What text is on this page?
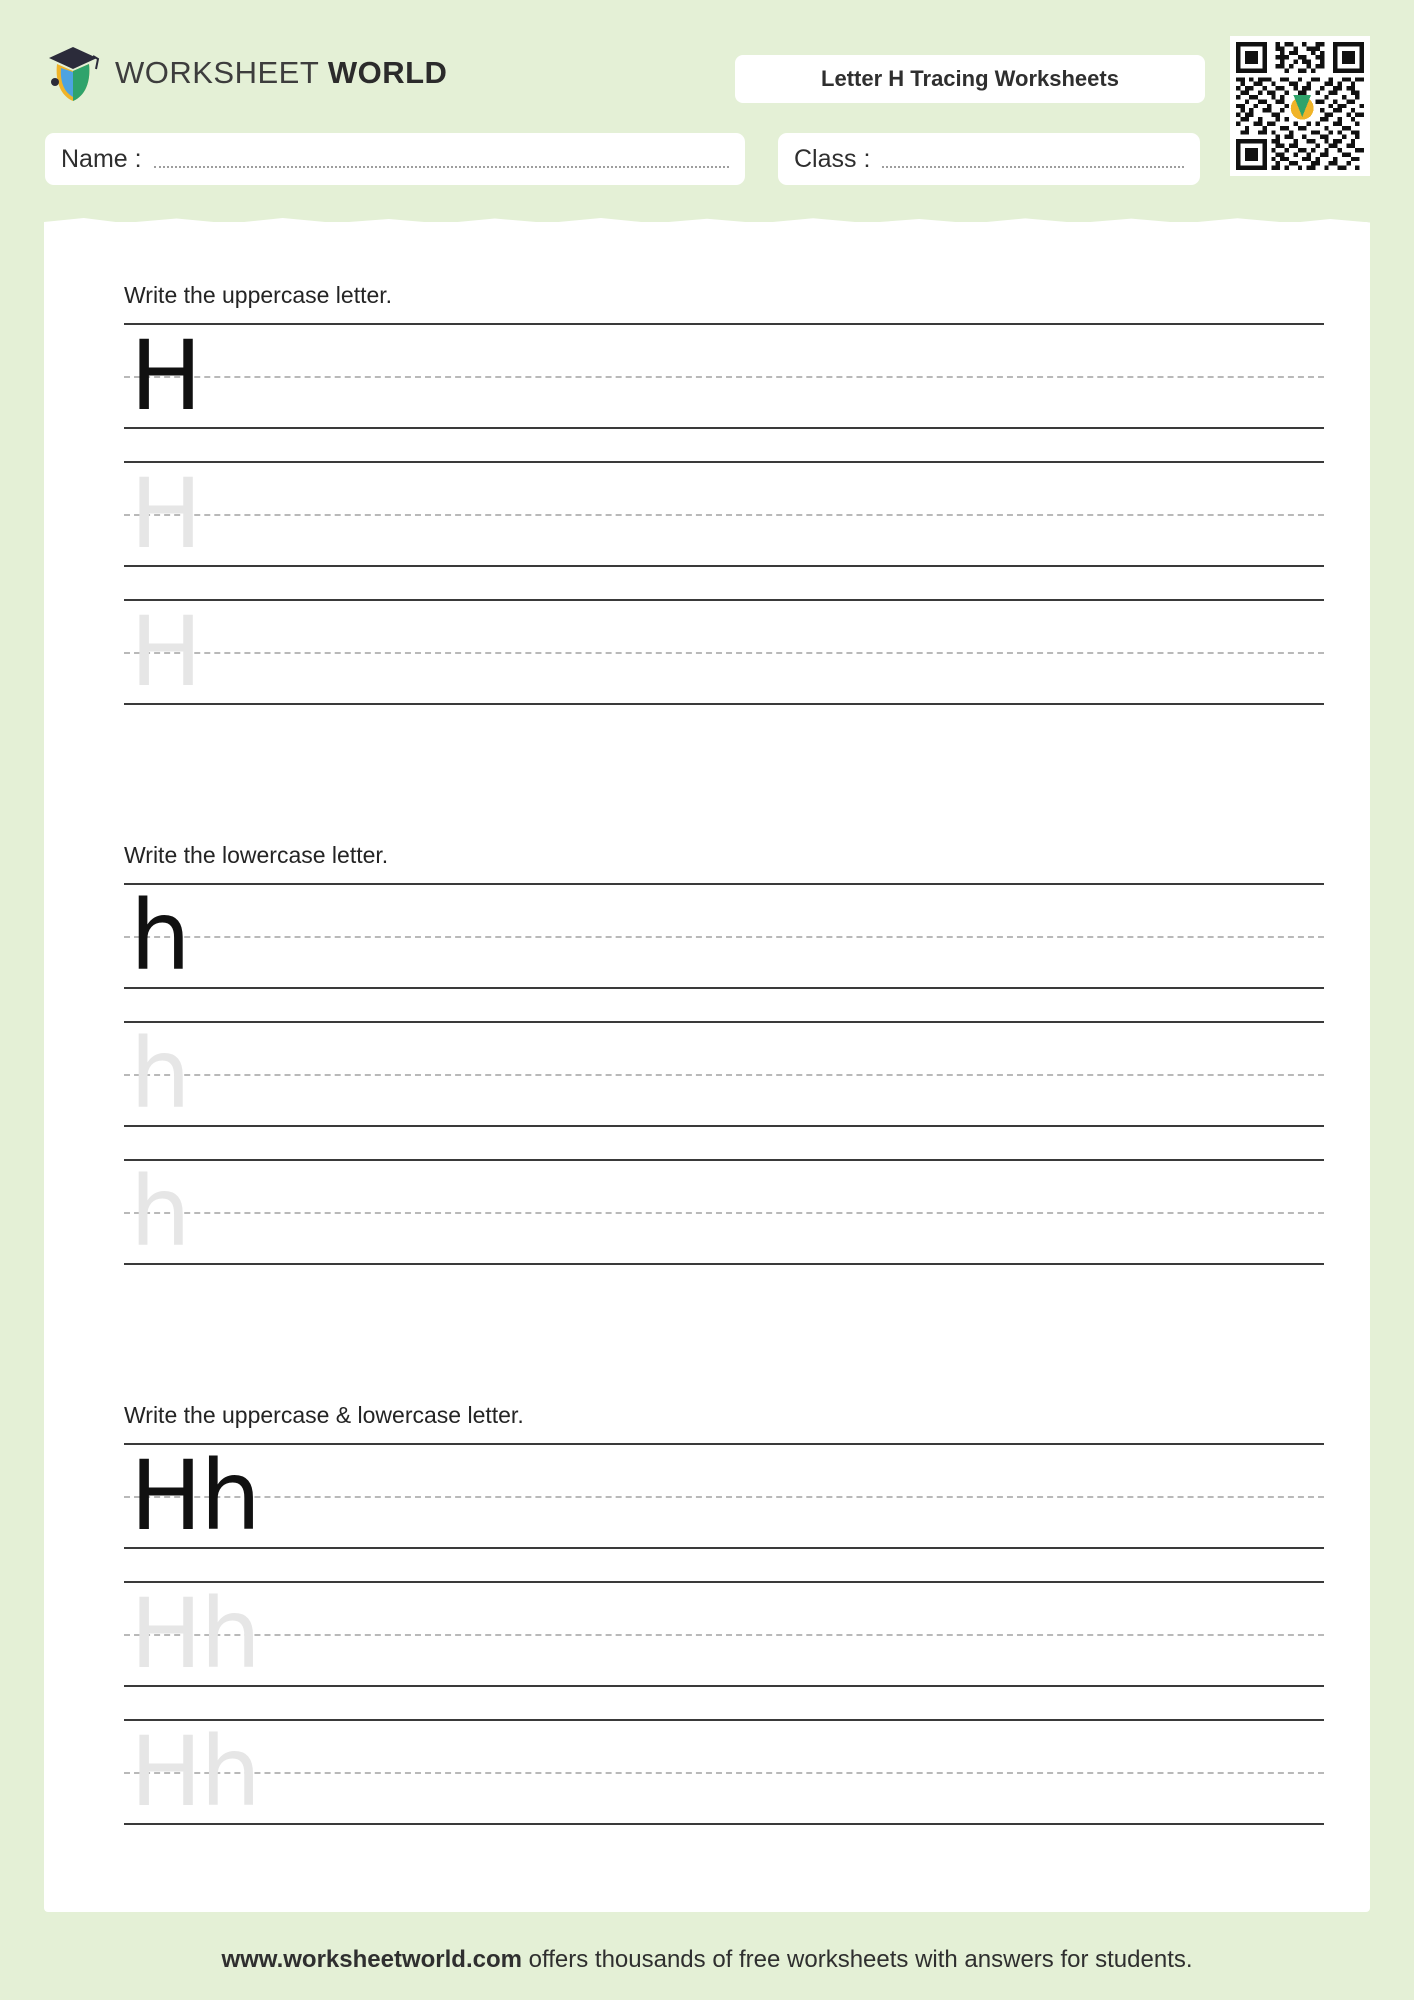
WORKSHEET WORLD	Letter H Tracing Worksheets
Name :	Class :
Write the uppercase letter.
H
H
H
Write the lowercase letter.
h
h
h
Write the uppercase & lowercase letter.
Hh
Hh
Hh
www.worksheetworld.com offers thousands of free worksheets with answers for students.
